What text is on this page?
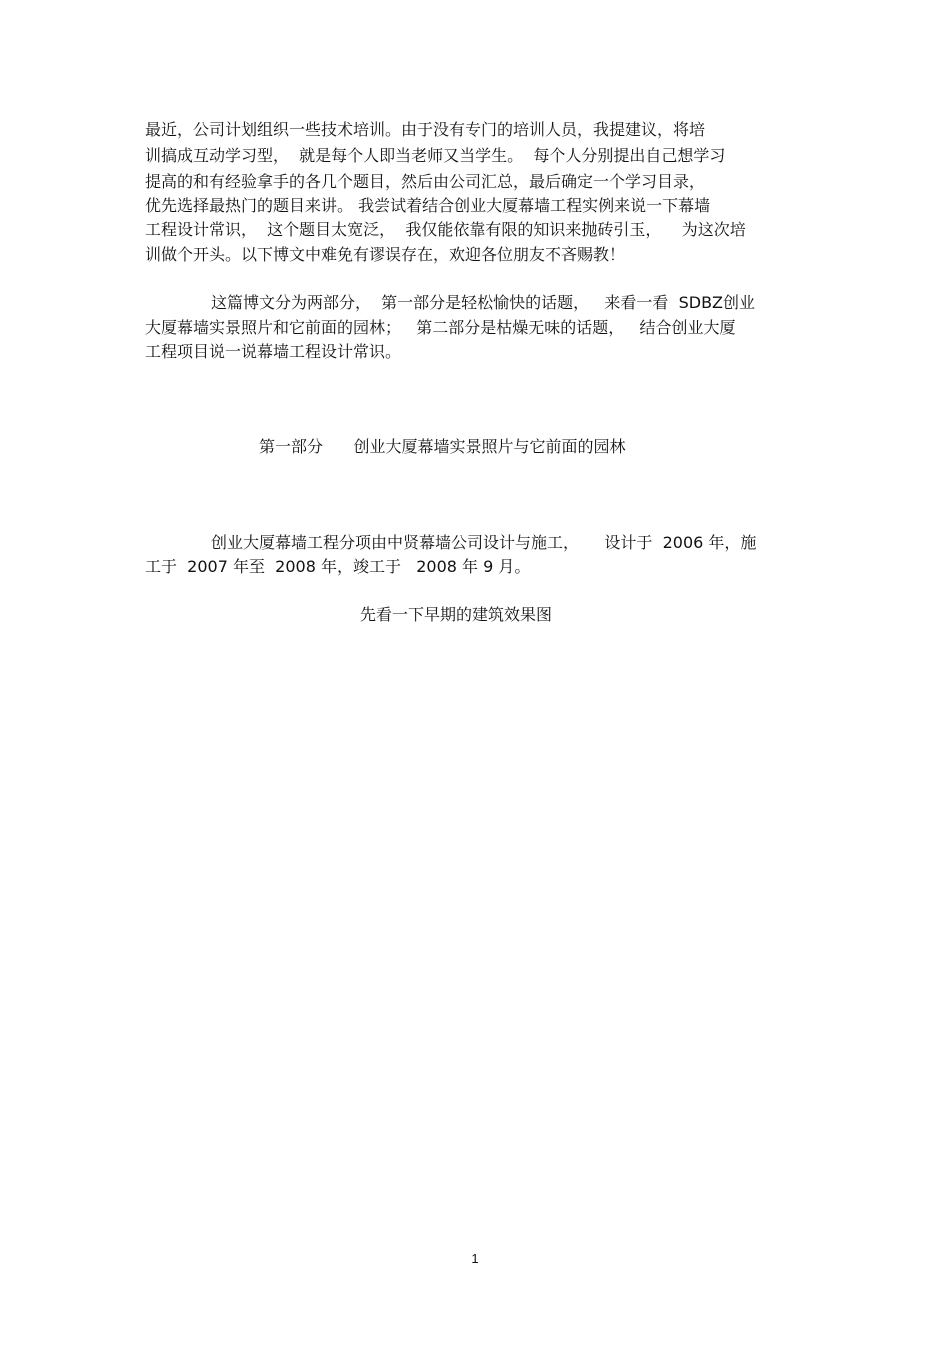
最近，公司计划组织一些技术培训。由于没有专门的培训人员，我提建议，将培
训搞成互动学习型，  就是每个人即当老师又当学生。  每个人分别提出自己想学习
提高的和有经验拿手的各几个题目，然后由公司汇总，最后确定一个学习目录，
优先选择最热门的题目来讲。 我尝试着结合创业大厦幕墙工程实例来说一下幕墙
工程设计常识，  这个题目太宽泛，  我仅能依靠有限的知识来抛砖引玉，    为这次培
训做个开头。以下博文中难免有谬误存在，欢迎各位朋友不吝赐教！
这篇博文分为两部分，  第一部分是轻松愉快的话题，   来看一看  SDBZ创业
大厦幕墙实景照片和它前面的园林；   第二部分是枯燥无味的话题，   结合创业大厦
工程项目说一说幕墙工程设计常识。
第一部分      创业大厦幕墙实景照片与它前面的园林
创业大厦幕墙工程分项由中贤幕墙公司设计与施工，     设计于  2006 年，施
工于  2007 年至  2008 年，竣工于   2008 年 9 月。
先看一下早期的建筑效果图
1
